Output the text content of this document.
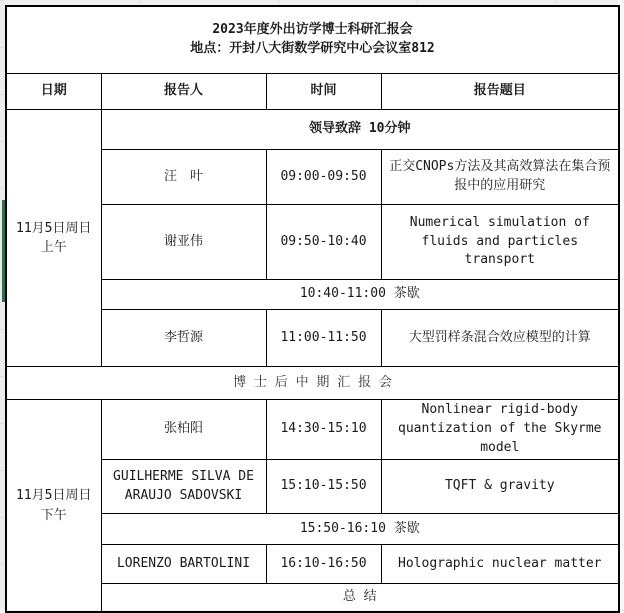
2023年度外出访学博士科研汇报会
地点：开封八大街数学研究中心会议室812			

日期	报告人	时间	报告题目

11月5日周日
上午	领导致辞 10分钟		
	汪　叶	09:00-09:50	正交CNOPs方法及其高效算法在集合预报中的应用研究
	谢亚伟	09:50-10:40	Numerical simulation of fluids and particles transport
	10:40-11:00 茶歇		
	李哲源	11:00-11:50	大型罚样条混合效应模型的计算
博 士 后 中 期 汇 报 会			

11月5日周日
下午	张柏阳	14:30-15:10	Nonlinear rigid-body quantization of the Skyrme model
	GUILHERME SILVA DE ARAUJO SADOVSKI	15:10-15:50	TQFT & gravity
	15:50-16:10 茶歇		
	LORENZO BARTOLINI	16:10-16:50	Holographic nuclear matter
	总 结		
